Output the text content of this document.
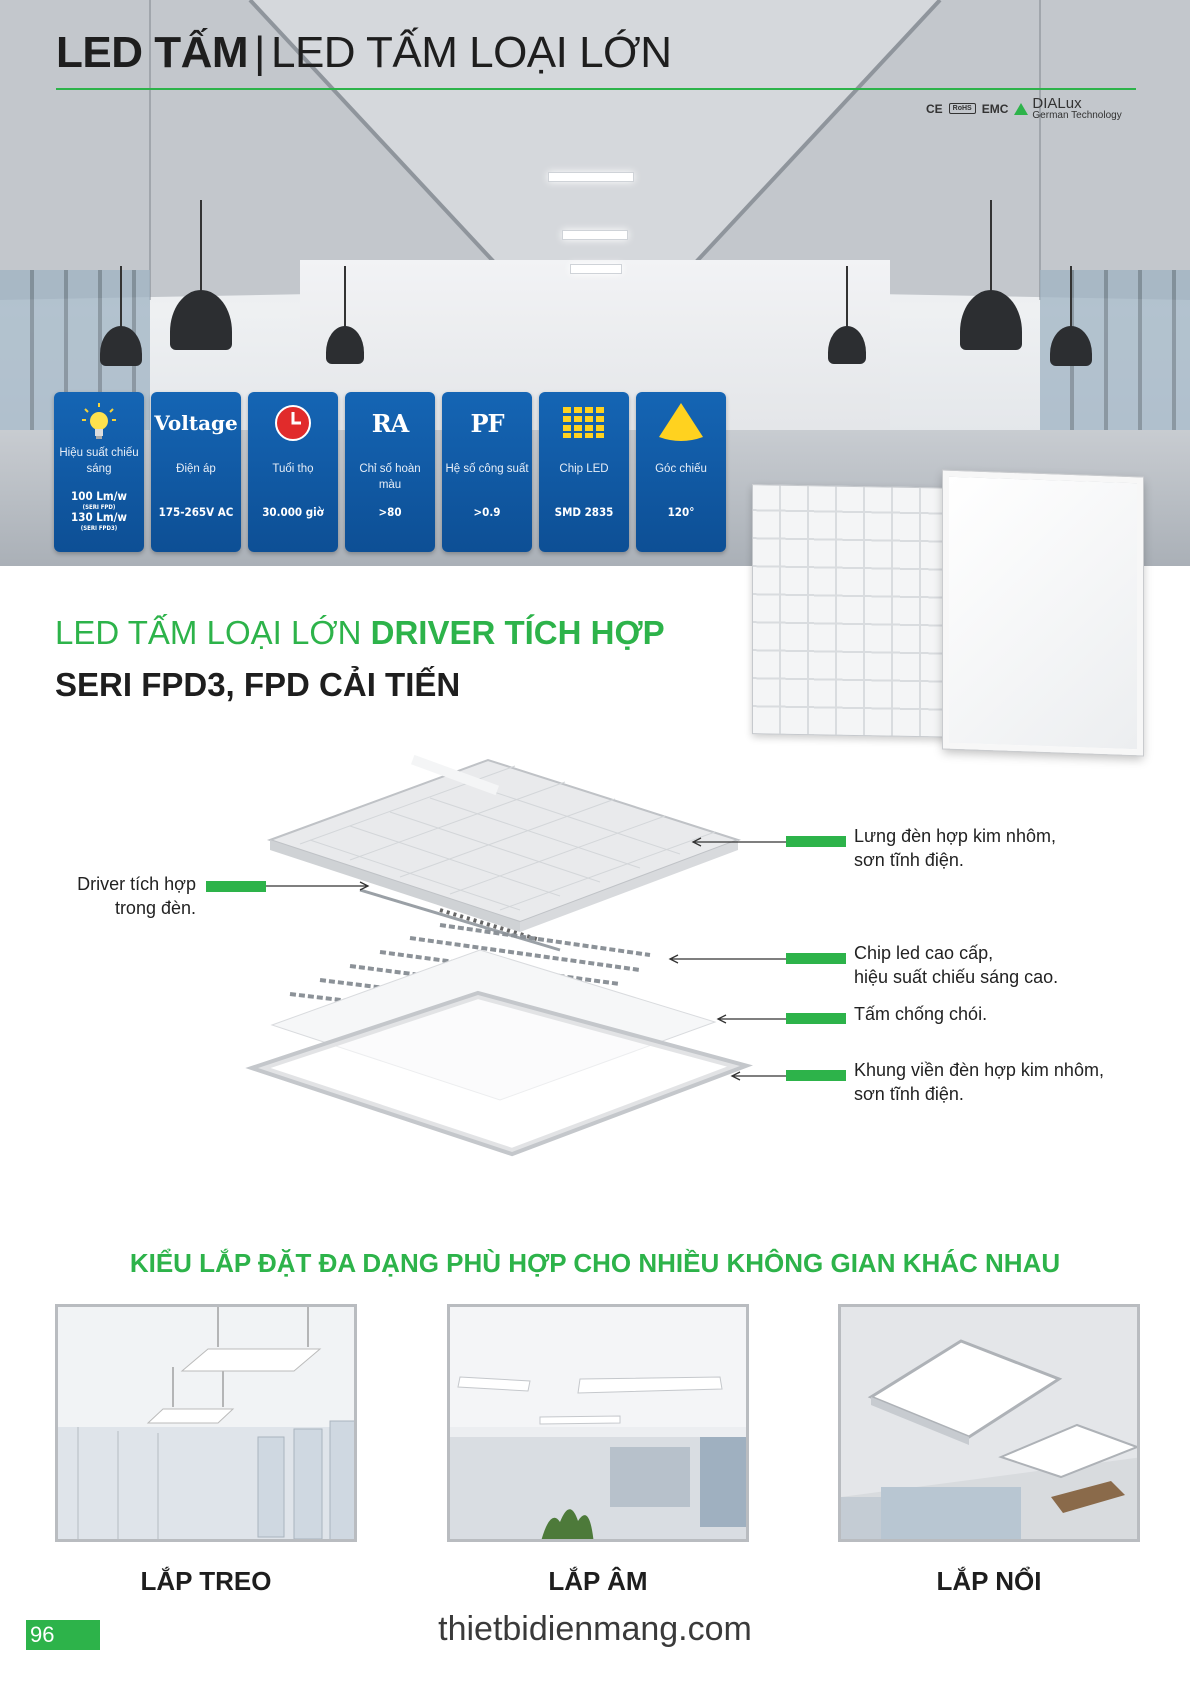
LED TẤM | LED TẤM LOẠI LỚN
CE	RoHS EMC DIALux
German Technology
Hiệu suất chiếu sáng
100 Lm/w
(SERI FPD)
130 Lm/w
(SERI FPD3)
Voltage
Điện áp
175-265V AC
Tuổi thọ
30.000 giờ
RA
Chỉ số hoàn màu
>80
PF
Hệ số công suất
>0.9
Chip LED
SMD 2835
Góc chiếu
120°
LED TẤM LOẠI LỚN DRIVER TÍCH HỢP
SERI FPD3, FPD CẢI TIẾN
Driver tích hợp
trong đèn.
Lưng đèn hợp kim nhôm,
sơn tĩnh điện.
Chip led cao cấp,
hiệu suất chiếu sáng cao.
Tấm chống chói.
Khung viền đèn hợp kim nhôm,
sơn tĩnh điện.
KIỂU LẮP ĐẶT ĐA DẠNG PHÙ HỢP CHO NHIỀU KHÔNG GIAN KHÁC NHAU
LẮP TREO	LẮP ÂM	LẮP NỔI
96	thietbidienmang.com
